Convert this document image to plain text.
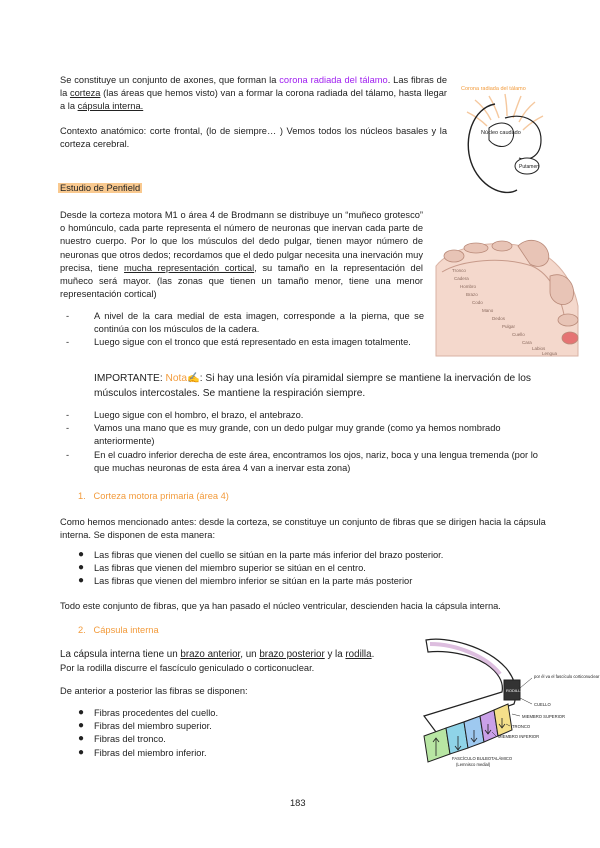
Se constituye un conjunto de axones, que forman la corona radiada del tálamo. Las fibras de la corteza (las áreas que hemos visto) van a formar la corona radiada del tálamo, hasta llegar a la cápsula interna.
Contexto anatómico: corte frontal, (lo de siempre… ) Vemos todos los núcleos basales y la corteza cerebral.
Corona radiada del tálamo
Núcleo caudado
Putamen
Estudio de Penfield
Desde la corteza motora M1 o área 4 de Brodmann se distribuye un “muñeco grotesco” o homúnculo, cada parte representa el número de neuronas que inervan cada parte de nuestro cuerpo. Por lo que los músculos del dedo pulgar, tienen mayor número de neuronas que otros dedos; recordamos que el dedo pulgar necesita una inervación muy precisa, tiene mucha representación cortical, su tamaño en la representación del muñeco será mayor. (las zonas que tienen un tamaño menor, tiene una menor representación cortical)
Tronco
Cadera
Hombro
Brazo
Codo
Mano
Dedos
Pulgar
Cuello
Cara
Labios
Lengua
-	A nivel de la cara medial de esta imagen, corresponde a la pierna, que se continúa con los músculos de la cadera.
-	Luego sigue con el tronco que está representado en esta imagen totalmente.
IMPORTANTE: Nota✍: Si hay una lesión vía piramidal siempre se mantiene la inervación de los músculos intercostales. Se mantiene la respiración siempre.
-	Luego sigue con el hombro, el brazo, el antebrazo.
-	Vamos una mano que es muy grande, con un dedo pulgar muy grande (como ya hemos nombrado anteriormente)
-	En el cuadro inferior derecha de este área, encontramos los ojos, nariz, boca y una lengua tremenda (por lo que muchas neuronas de esta área 4 van a inervar esta zona)
1. Corteza motora primaria (área 4)
Como hemos mencionado antes: desde la corteza, se constituye un conjunto de fibras que se dirigen hacia la cápsula interna. Se disponen de esta manera:
● Las fibras que vienen del cuello se sitúan en la parte más inferior del brazo posterior.
● Las fibras que vienen del miembro superior se sitúan en el centro.
● Las fibras que vienen del miembro inferior se sitúan en la parte más posterior
Todo este conjunto de fibras, que ya han pasado el núcleo ventricular, descienden hacia la cápsula interna.
2. Cápsula interna
La cápsula interna tiene un brazo anterior, un brazo posterior y la rodilla.
Por la rodilla discurre el fascículo geniculado o corticonuclear.
De anterior a posterior las fibras se disponen:
● Fibras procedentes del cuello.
● Fibras del miembro superior.
● Fibras del tronco.
● Fibras del miembro inferior.
RODILLA
por él va el fascículo corticonuclear
CUELLO
MIEMBRO SUPERIOR
TRONCO
MIEMBRO INFERIOR
FASCÍCULO BULBOTALÁMICO
(Lemnisco medial)
183
